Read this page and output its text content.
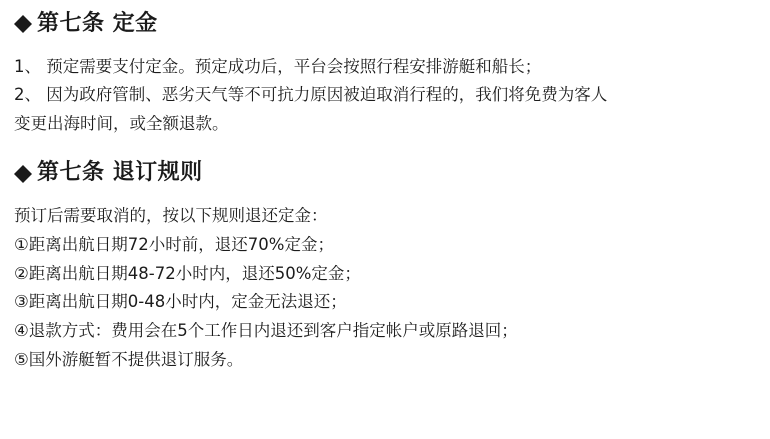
第七条 定金
1、 预定需要支付定金。预定成功后，平台会按照行程安排游艇和船长；
2、 因为政府管制、恶劣天气等不可抗力原因被迫取消行程的，我们将免费为客人
变更出海时间，或全额退款。
第七条 退订规则
预订后需要取消的，按以下规则退还定金：
①距离出航日期72小时前，退还70%定金；
②距离出航日期48-72小时内，退还50%定金；
③距离出航日期0-48小时内，定金无法退还；
④退款方式：费用会在5个工作日内退还到客户指定帐户或原路退回；
⑤国外游艇暂不提供退订服务。
